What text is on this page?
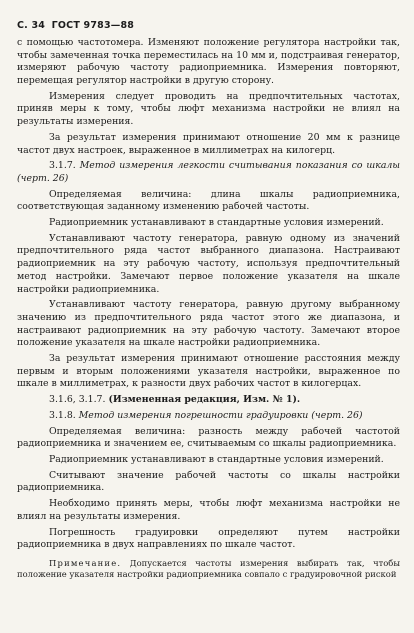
С. 34 ГОСТ 9783—88

с помощью частотомера. Изменяют положение регулятора настройки так, чтобы замеченная точка переместилась на 10 мм и, подстраивая генератор, измеряют рабочую частоту радиоприемника. Измерения повторяют, перемещая регулятор настройки в другую сторону.

Измерения следует проводить на предпочтительных частотах, приняв меры к тому, чтобы люфт механизма настройки не влиял на результаты измерения.

За результат измерения принимают отношение 20 мм к разнице частот двух настроек, выраженное в миллиметрах на килогерц.

3.1.7. Метод измерения легкости считывания показания со шкалы (черт. 26)

Определяемая величина: длина шкалы радиоприемника, соответствующая заданному изменению рабочей частоты.

Радиоприемник устанавливают в стандартные условия измерений.

Устанавливают частоту генератора, равную одному из значений предпочтительного ряда частот выбранного диапазона. Настраивают радиоприемник на эту рабочую частоту, используя предпочтительный метод настройки. Замечают первое положение указателя на шкале настройки радиоприемника.

Устанавливают частоту генератора, равную другому выбранному значению из предпочтительного ряда частот этого же диапазона, и настраивают радиоприемник на эту рабочую частоту. Замечают второе положение указателя на шкале настройки радиоприемника.

За результат измерения принимают отношение расстояния между первым и вторым положениями указателя настройки, выраженное по шкале в миллиметрах, к разности двух рабочих частот в килогерцах.

3.1.6, 3.1.7. (Измененная редакция, Изм. № 1).

3.1.8. Метод измерения погрешности градуировки (черт. 26)

Определяемая величина: разность между рабочей частотой радиоприемника и значением ее, считываемым со шкалы радиоприемника.

Радиоприемник устанавливают в стандартные условия измерений.

Считывают значение рабочей частоты со шкалы настройки радиоприемника.

Необходимо принять меры, чтобы люфт механизма настройки не влиял на результаты измерения.

Погрешность градуировки определяют путем настройки радиоприемника в двух направлениях по шкале частот.

Примечание. Допускается частоты измерения выбирать так, чтобы положение указателя настройки радиоприемника совпало с градуировочной риской
